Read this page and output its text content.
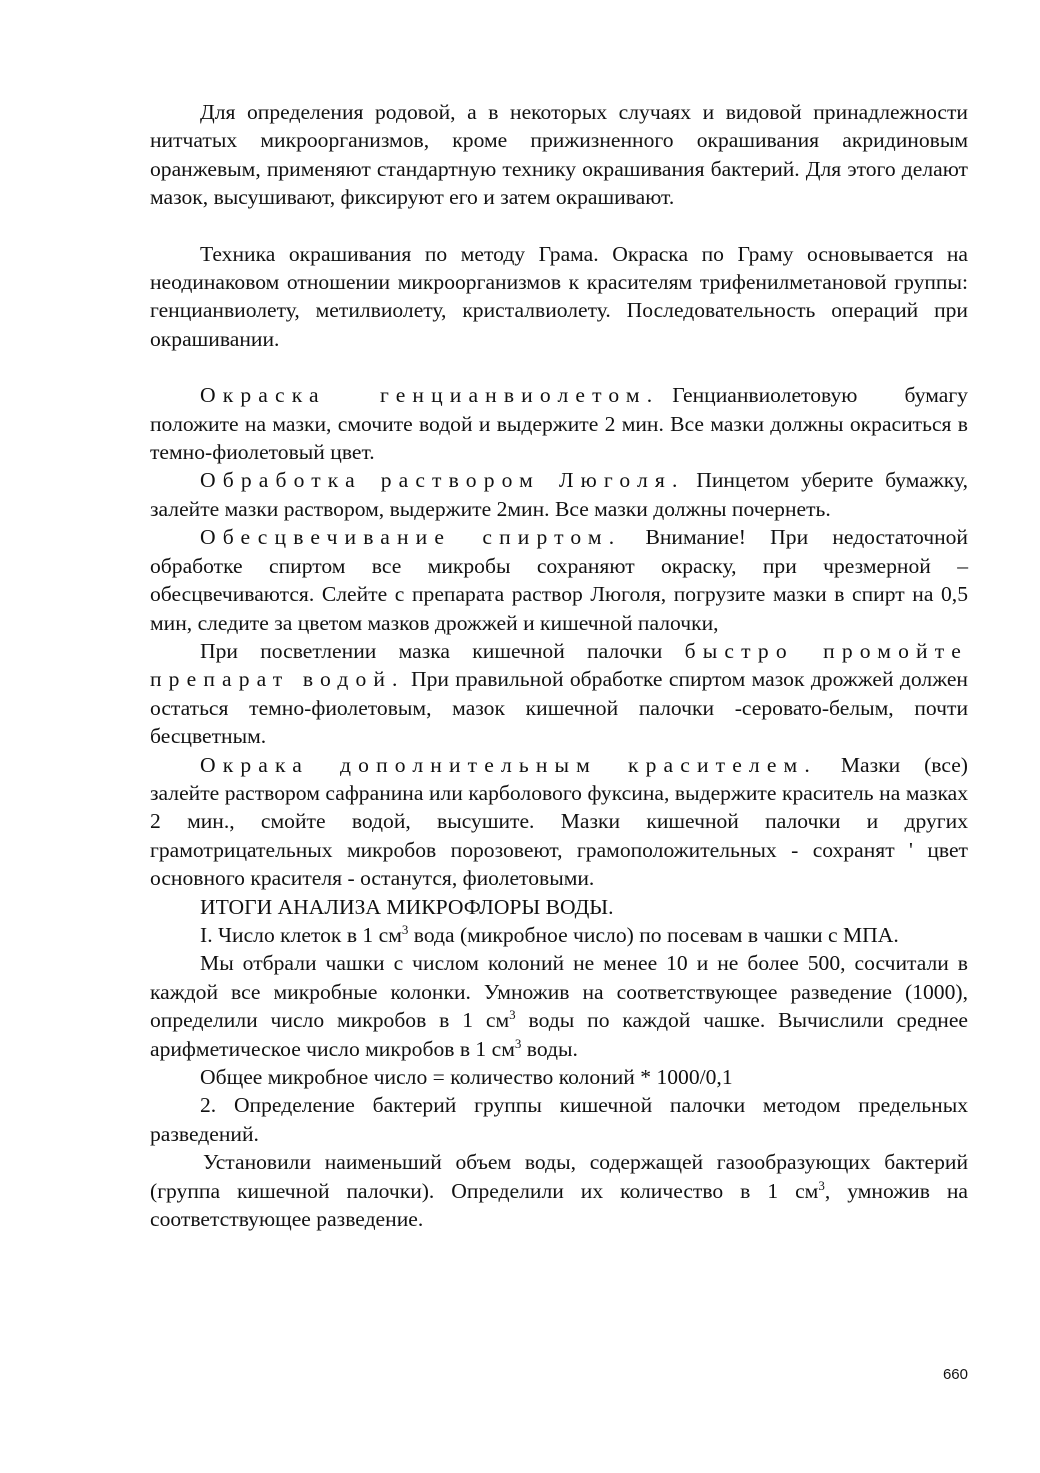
Для определения родовой, а в некоторых случаях и видовой принадлежности нитчатых микроорганизмов, кроме прижизненного окрашивания акридиновым оранжевым, применяют стандартную технику окрашивания бактерий. Для этого делают мазок, высушивают, фиксируют его и затем окрашивают.

Техника окрашивания по методу Грама. Окраска по Граму основывается на неодинаковом отношении микроорганизмов к красителям трифенилметановой группы: генцианвиолету, метилвиолету, кристалвиолету. Последовательность операций при окрашивании.

Окраска генцианвиолетом. Генцианвиолетовую бумагу положите на мазки, смочите водой и выдержите 2 мин. Все мазки должны окраситься в темно-фиолетовый цвет.

Обработка раствором Люголя. Пинцетом уберите бумажку, залейте мазки раствором, выдержите 2мин. Все мазки должны почернеть.

Обесцвечивание спиртом. Внимание! При недостаточной обработке спиртом все микробы сохраняют окраску, при чрезмерной – обесцвечиваются. Слейте с препарата раствор Люголя, погрузите мазки в спирт на 0,5 мин, следите за цветом мазков дрожжей и кишечной палочки,

При посветлении мазка кишечной палочки быстро промойте препарат водой. При правильной обработке спиртом мазок дрожжей должен остаться темно-фиолетовым, мазок кишечной палочки -серовато-белым, почти бесцветным.

Окрака дополнительным красителем. Мазки (все) залейте раствором сафранина или карболового фуксина, выдержите краситель на мазках 2 мин., смойте водой, высушите. Мазки кишечной палочки и других грамотрицательных микробов порозовеют, грамоположительных - сохранят ' цвет основного красителя - останутся, фиолетовыми.

ИТОГИ АНАЛИЗА МИКРОФЛОРЫ ВОДЫ.

I. Число клеток в 1 $см^3$ вода (микробное число) по посевам в чашки с МПА.

Мы отбрали чашки с числом колоний не менее 10 и не более 500, сосчитали в каждой все микробные колонки. Умножив на соответствующее разведение (1000), определили число микробов в 1 $см^3$ воды по каждой чашке. Вычислили среднее арифметическое число микробов в 1 $см^3$ воды.

Общее микробное число = количество колоний * 1000/0,1

2. Определение бактерий группы кишечной палочки методом предельных разведений.

Установили наименьший объем воды, содержащей газообразующих бактерий (группа кишечной палочки). Определили их количество в 1 $см^3$, умножив на соответствующее разведение.

660
